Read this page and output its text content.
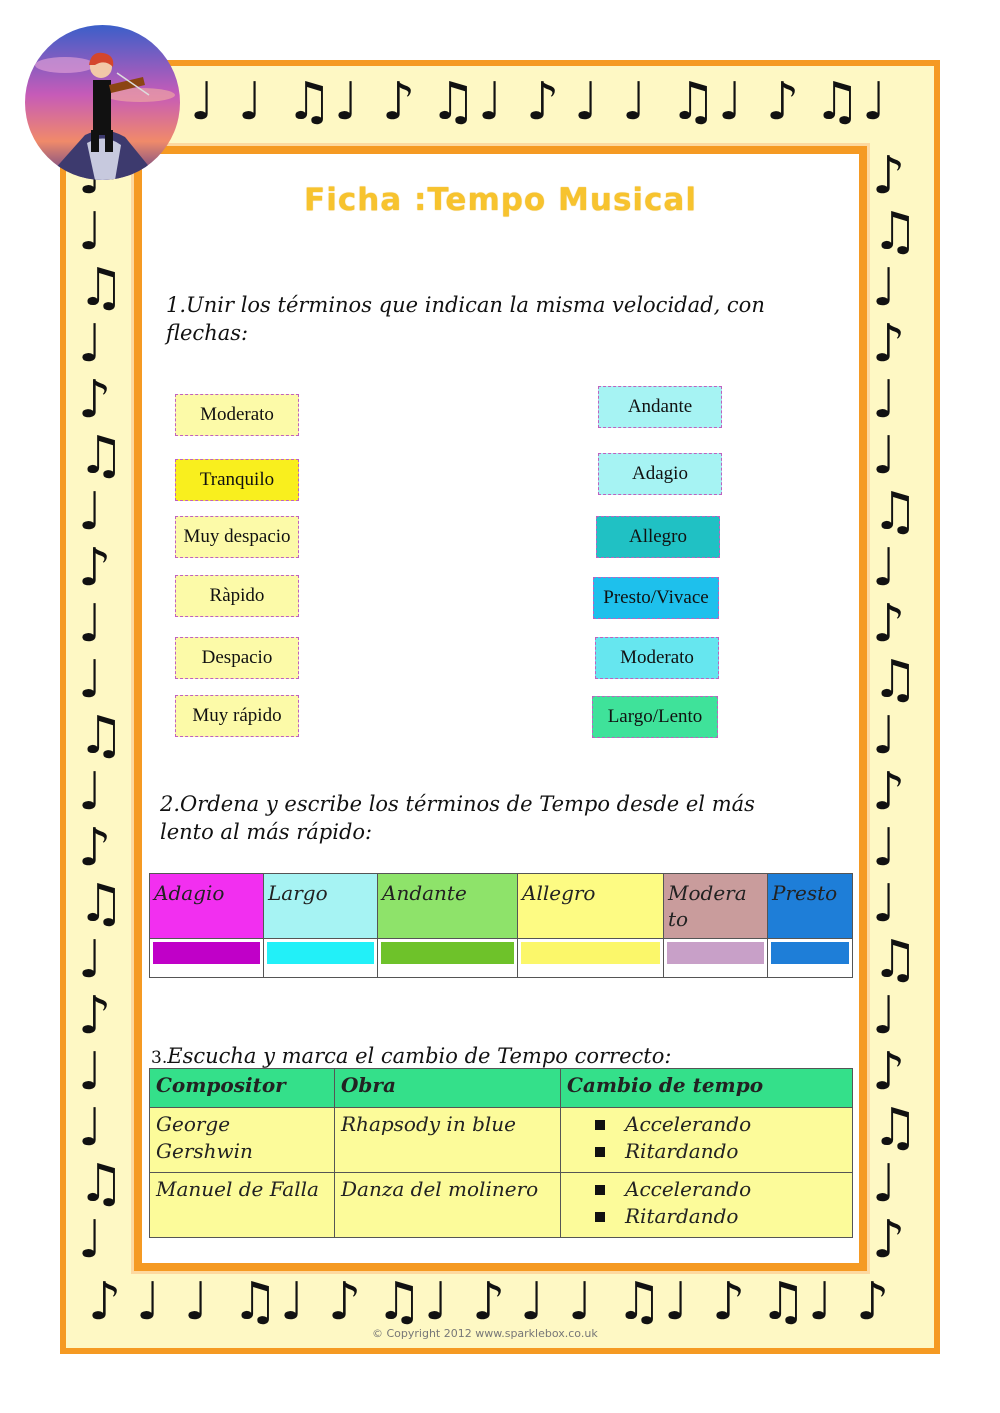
♩ ♩ ♫ ♩ ♪ ♫ ♩ ♪ ♩ ♩ ♫ ♩ ♪ ♫ ♩
♪ ♩ ♩ ♫ ♩ ♪ ♫ ♩ ♪ ♩ ♩ ♫ ♩ ♪ ♫ ♩ ♪
♩
♫
♩
♪
♫
♩
♪
♩
♩
♫
♩
♪
♫
♩
♪
♩
♩
♫
♩
♪
♫
♩
♪
♩
♩
♫
♩
♪
♫
♩
♪
♩
♩
♫
♩
♪
♫
♩
♪
Ficha :Tempo Musical
1.Unir los términos que indican la misma velocidad, con
flechas:
Moderato
Tranquilo
Muy despacio
Ràpido
Despacio
Muy rápido
Andante
Adagio
Allegro
Presto/Vivace
Moderato
Largo/Lento
2.Ordena y escribe los términos de Tempo desde el más
lento al más rápido:
Adagio	Largo	Andante	Allegro	Modera to	Presto

3.Escucha y marca el cambio de Tempo correcto:
Compositor	Obra	Cambio de tempo
George Gershwin	Rhapsody in blue	Accelerando
Ritardando

Manuel de Falla	Danza del molinero	Accelerando
Ritardando
© Copyright 2012 www.sparklebox.co.uk
